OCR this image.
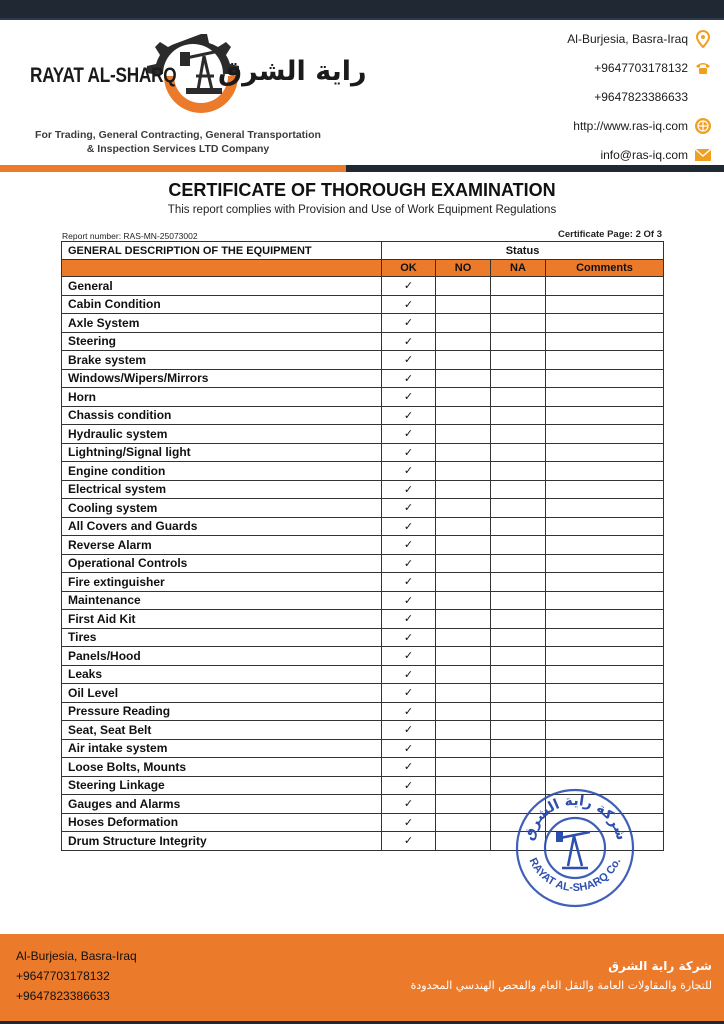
RAYAT AL-SHARQ راية الشرق
For Trading, General Contracting, General Transportation
& Inspection Services LTD Company
Al-Burjesia, Basra-Iraq
+9647703178132
+9647823386633
http://www.ras-iq.com
info@ras-iq.com
CERTIFICATE OF THOROUGH EXAMINATION
This report complies with Provision and Use of Work Equipment Regulations
Report number: RAS-MN-25073002	Certificate Page: 2 Of 3
GENERAL DESCRIPTION OF THE EQUIPMENT	Status			
	OK	NO	NA	Comments
General	✓			
Cabin Condition	✓			
Axle System	✓			
Steering	✓			
Brake system	✓			
Windows/Wipers/Mirrors	✓			
Horn	✓			
Chassis condition	✓			
Hydraulic system	✓			
Lightning/Signal light	✓			
Engine condition	✓			
Electrical system	✓			
Cooling system	✓			
All Covers and Guards	✓			
Reverse Alarm	✓			
Operational Controls	✓			
Fire extinguisher	✓			
Maintenance	✓			
First Aid Kit	✓			
Tires	✓			
Panels/Hood	✓			
Leaks	✓			
Oil Level	✓			
Pressure Reading	✓			
Seat, Seat Belt	✓			
Air intake system	✓			
Loose Bolts, Mounts	✓			
Steering Linkage	✓			
Gauges and Alarms	✓			
Hoses Deformation	✓			
Drum Structure Integrity	✓				شركة راية الشرق
RAYAT AL-SHARQ Co.
Al-Burjesia, Basra-Iraq
+9647703178132
+9647823386633
شركة راية الشرق
للتجارة والمقاولات العامة والنقل العام والفحص الهندسي المحدودة
